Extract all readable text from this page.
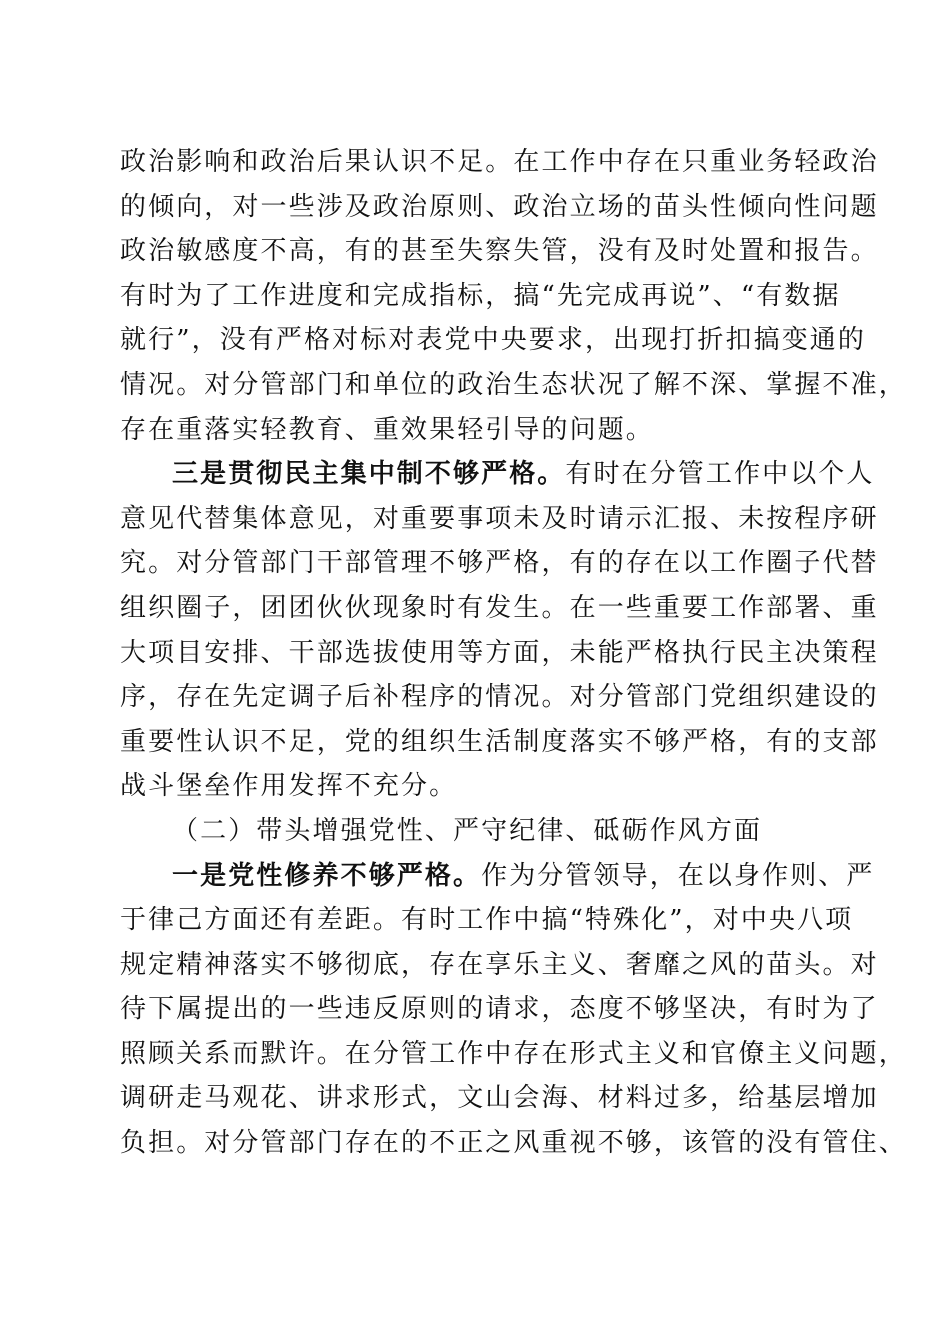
政治影响和政治后果认识不足。在工作中存在只重业务轻政治
的倾向，对一些涉及政治原则、政治立场的苗头性倾向性问题
政治敏感度不高，有的甚至失察失管，没有及时处置和报告。
有时为了工作进度和完成指标，搞“先完成再说”、“有数据
就行”，没有严格对标对表党中央要求，出现打折扣搞变通的
情况。对分管部门和单位的政治生态状况了解不深、掌握不准，
存在重落实轻教育、重效果轻引导的问题。
三是贯彻民主集中制不够严格。有时在分管工作中以个人
意见代替集体意见，对重要事项未及时请示汇报、未按程序研
究。对分管部门干部管理不够严格，有的存在以工作圈子代替
组织圈子，团团伙伙现象时有发生。在一些重要工作部署、重
大项目安排、干部选拔使用等方面，未能严格执行民主决策程
序，存在先定调子后补程序的情况。对分管部门党组织建设的
重要性认识不足，党的组织生活制度落实不够严格，有的支部
战斗堡垒作用发挥不充分。
（二）带头增强党性、严守纪律、砥砺作风方面
一是党性修养不够严格。作为分管领导，在以身作则、严
于律己方面还有差距。有时工作中搞“特殊化”，对中央八项
规定精神落实不够彻底，存在享乐主义、奢靡之风的苗头。对
待下属提出的一些违反原则的请求，态度不够坚决，有时为了
照顾关系而默许。在分管工作中存在形式主义和官僚主义问题，
调研走马观花、讲求形式，文山会海、材料过多，给基层增加
负担。对分管部门存在的不正之风重视不够，该管的没有管住、
